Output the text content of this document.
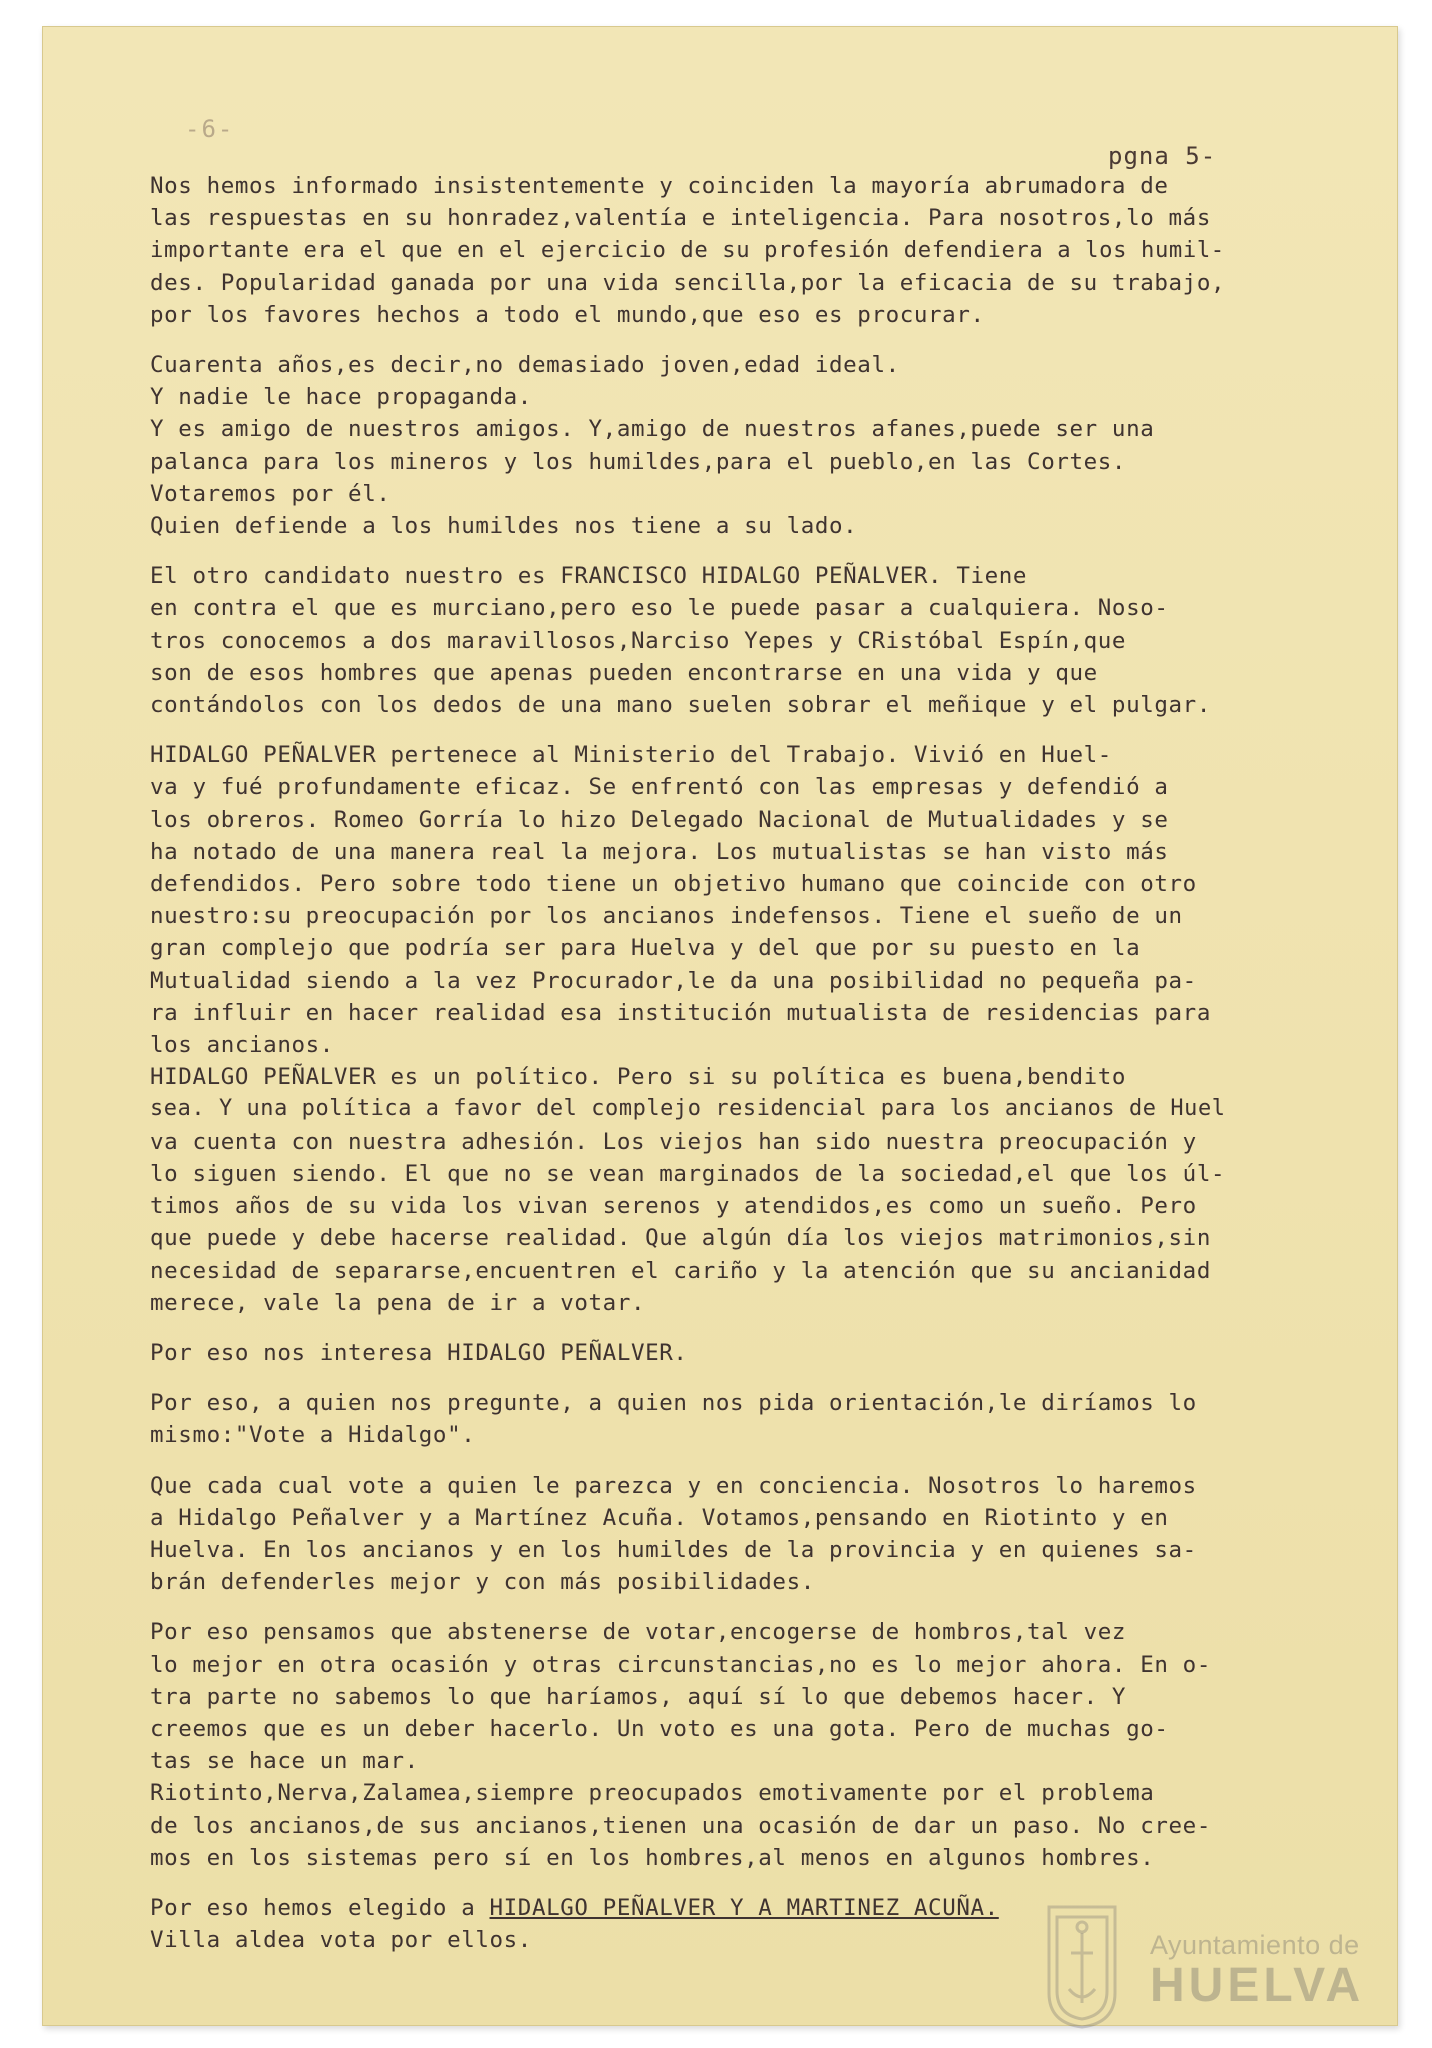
-6-
pgna 5-

Nos hemos informado insistentemente y coinciden la mayoría abrumadora de
las respuestas en su honradez,valentía e inteligencia. Para nosotros,lo más
importante era el que en el ejercicio de su profesión defendiera a los humil-
des. Popularidad ganada por una vida sencilla,por la eficacia de su trabajo,
por los favores hechos a todo el mundo,que eso es procurar.

Cuarenta años,es decir,no demasiado joven,edad ideal.
Y nadie le hace propaganda.
Y es amigo de nuestros amigos. Y,amigo de nuestros afanes,puede ser una
palanca para los mineros y los humildes,para el pueblo,en las Cortes.
Votaremos por él.
Quien defiende a los humildes nos tiene a su lado.

El otro candidato nuestro es FRANCISCO HIDALGO PEÑALVER. Tiene
en contra el que es murciano,pero eso le puede pasar a cualquiera. Noso-
tros conocemos a dos maravillosos,Narciso Yepes y CRistóbal Espín,que
son de esos hombres que apenas pueden encontrarse en una vida y que
contándolos con los dedos de una mano suelen sobrar el meñique y el pulgar.

HIDALGO PEÑALVER pertenece al Ministerio del Trabajo. Vivió en Huel-
va y fué profundamente eficaz. Se enfrentó con las empresas y defendió a
los obreros. Romeo Gorría lo hizo Delegado Nacional de Mutualidades y se
ha notado de una manera real la mejora. Los mutualistas se han visto más
defendidos. Pero sobre todo tiene un objetivo humano que coincide con otro
nuestro:su preocupación por los ancianos indefensos. Tiene el sueño de un
gran complejo que podría ser para Huelva y del que por su puesto en la
Mutualidad siendo a la vez Procurador,le da una posibilidad no pequeña pa-
ra influir en hacer realidad esa institución mutualista de residencias para
los ancianos.

HIDALGO PEÑALVER es un político. Pero si su política es buena,bendito
sea. Y una política a favor del complejo residencial para los ancianos de Huel
va cuenta con nuestra adhesión. Los viejos han sido nuestra preocupación y
lo siguen siendo. El que no se vean marginados de la sociedad,el que los úl-
timos años de su vida los vivan serenos y atendidos,es como un sueño. Pero
que puede y debe hacerse realidad. Que algún día los viejos matrimonios,sin
necesidad de separarse,encuentren el cariño y la atención que su ancianidad
merece, vale la pena de ir a votar.

Por eso nos interesa HIDALGO PEÑALVER.

Por eso, a quien nos pregunte, a quien nos pida orientación,le diríamos lo
mismo:"Vote a Hidalgo".

Que cada cual vote a quien le parezca y en conciencia. Nosotros lo haremos
a Hidalgo Peñalver y a Martínez Acuña. Votamos,pensando en Riotinto y en
Huelva. En los ancianos y en los humildes de la provincia y en quienes sa-
brán defenderles mejor y con más posibilidades.

Por eso pensamos que abstenerse de votar,encogerse de hombros,tal vez
lo mejor en otra ocasión y otras circunstancias,no es lo mejor ahora. En o-
tra parte no sabemos lo que haríamos, aquí sí lo que debemos hacer. Y
creemos que es un deber hacerlo. Un voto es una gota. Pero de muchas go-
tas se hace un mar.
Riotinto,Nerva,Zalamea,siempre preocupados emotivamente por el problema
de los ancianos,de sus ancianos,tienen una ocasión de dar un paso. No cree-
mos en los sistemas pero sí en los hombres,al menos en algunos hombres.

Por eso hemos elegido a HIDALGO PEÑALVER Y A MARTINEZ ACUÑA.
Villa aldea vota por ellos.	Ayuntamiento de
HUELVA
